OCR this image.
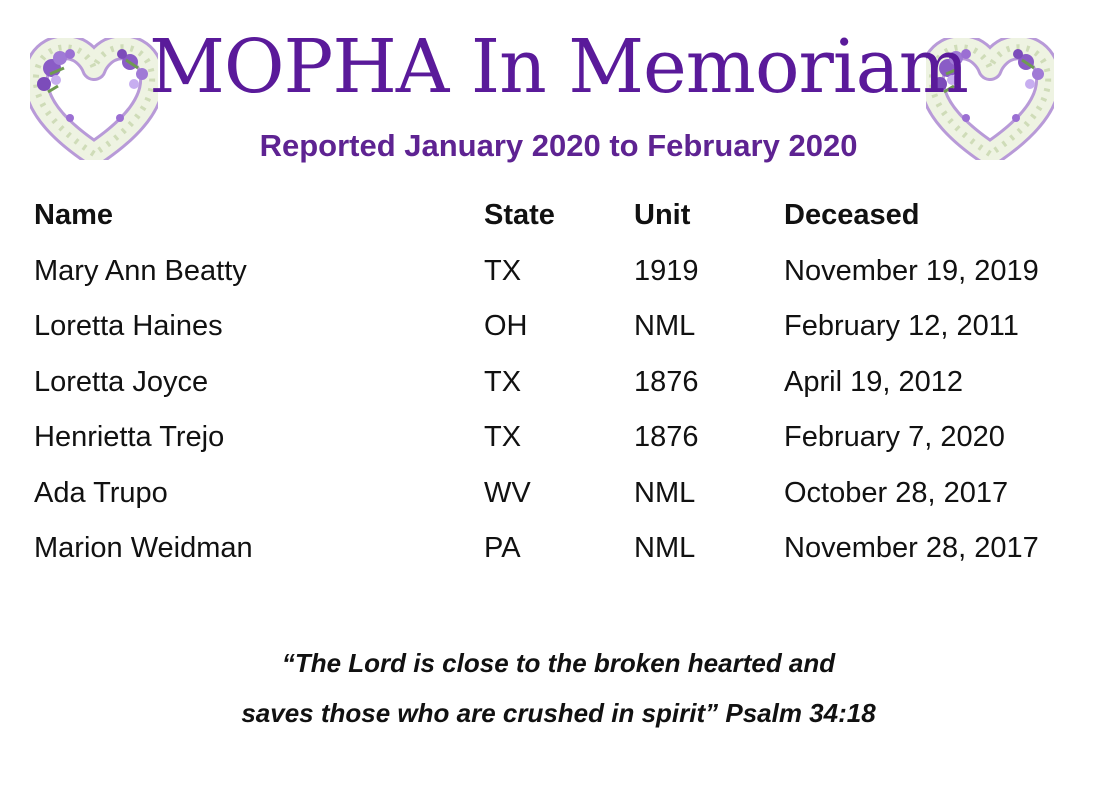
MOPHA In Memoriam
Reported January 2020 to February 2020
Name	State	Unit	Deceased
Mary Ann Beatty	TX	1919	November 19, 2019
Loretta Haines	OH	NML	February 12, 2011
Loretta Joyce	TX	1876	April 19, 2012
Henrietta Trejo	TX	1876	February 7, 2020
Ada Trupo	WV	NML	October 28, 2017
Marion Weidman	PA	NML	November 28, 2017

“The Lord is close to the broken hearted and

saves those who are crushed in spirit” Psalm 34:18
